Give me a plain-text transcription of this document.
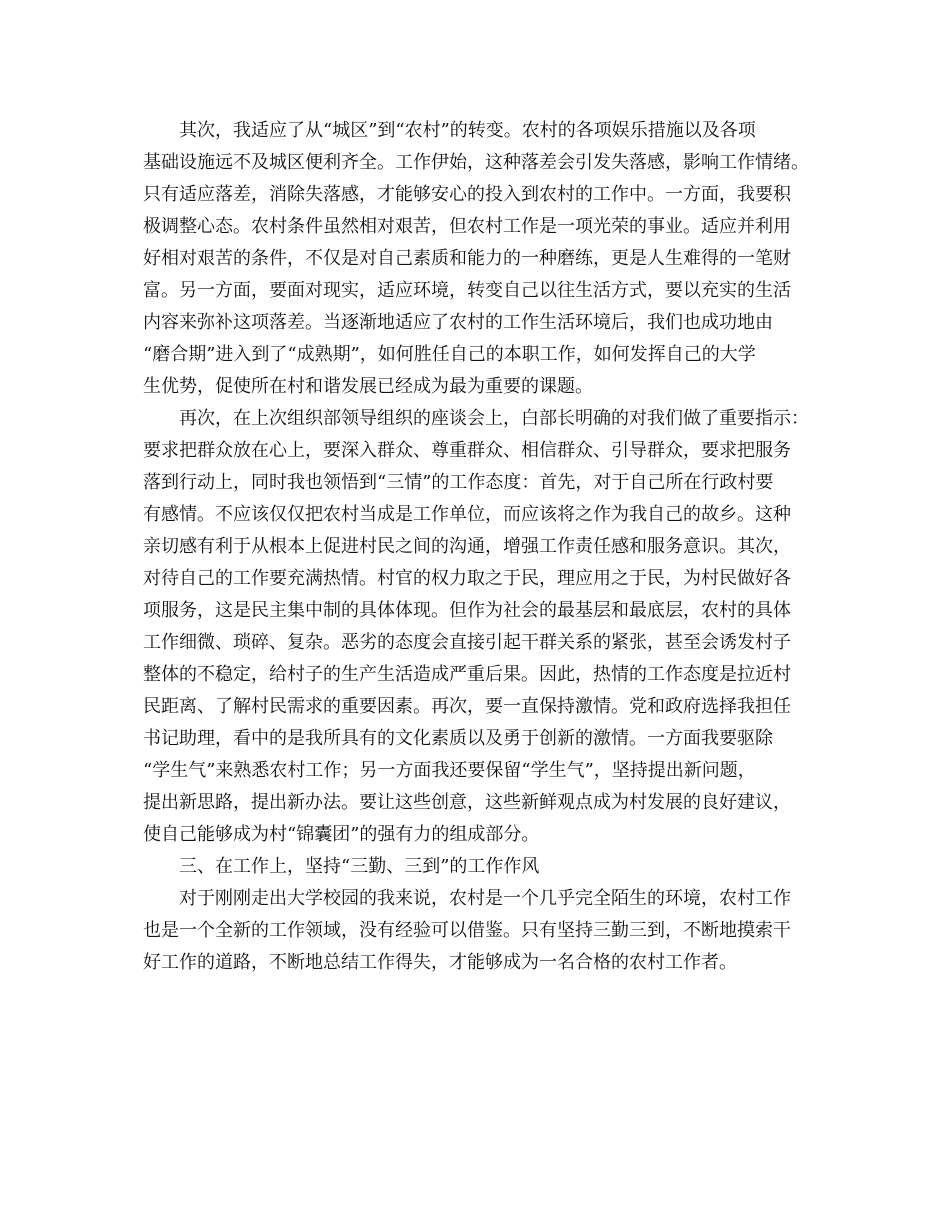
其次，我适应了从“城区”到“农村”的转变。农村的各项娱乐措施以及各项
基础设施远不及城区便利齐全。工作伊始，这种落差会引发失落感，影响工作情绪。
只有适应落差，消除失落感，才能够安心的投入到农村的工作中。一方面，我要积
极调整心态。农村条件虽然相对艰苦，但农村工作是一项光荣的事业。适应并利用
好相对艰苦的条件，不仅是对自己素质和能力的一种磨练，更是人生难得的一笔财
富。另一方面，要面对现实，适应环境，转变自己以往生活方式，要以充实的生活
内容来弥补这项落差。当逐渐地适应了农村的工作生活环境后，我们也成功地由
“磨合期”进入到了“成熟期”，如何胜任自己的本职工作，如何发挥自己的大学
生优势，促使所在村和谐发展已经成为最为重要的课题。
再次，在上次组织部领导组织的座谈会上，白部长明确的对我们做了重要指示：
要求把群众放在心上，要深入群众、尊重群众、相信群众、引导群众，要求把服务
落到行动上，同时我也领悟到“三情”的工作态度：首先，对于自己所在行政村要
有感情。不应该仅仅把农村当成是工作单位，而应该将之作为我自己的故乡。这种
亲切感有利于从根本上促进村民之间的沟通，增强工作责任感和服务意识。其次，
对待自己的工作要充满热情。村官的权力取之于民，理应用之于民，为村民做好各
项服务，这是民主集中制的具体体现。但作为社会的最基层和最底层，农村的具体
工作细微、琐碎、复杂。恶劣的态度会直接引起干群关系的紧张，甚至会诱发村子
整体的不稳定，给村子的生产生活造成严重后果。因此，热情的工作态度是拉近村
民距离、了解村民需求的重要因素。再次，要一直保持激情。党和政府选择我担任
书记助理，看中的是我所具有的文化素质以及勇于创新的激情。一方面我要驱除
“学生气”来熟悉农村工作；另一方面我还要保留“学生气”，坚持提出新问题，
提出新思路，提出新办法。要让这些创意，这些新鲜观点成为村发展的良好建议，
使自己能够成为村“锦囊团”的强有力的组成部分。
三、在工作上，坚持“三勤、三到”的工作作风
对于刚刚走出大学校园的我来说，农村是一个几乎完全陌生的环境，农村工作
也是一个全新的工作领域，没有经验可以借鉴。只有坚持三勤三到，不断地摸索干
好工作的道路，不断地总结工作得失，才能够成为一名合格的农村工作者。
